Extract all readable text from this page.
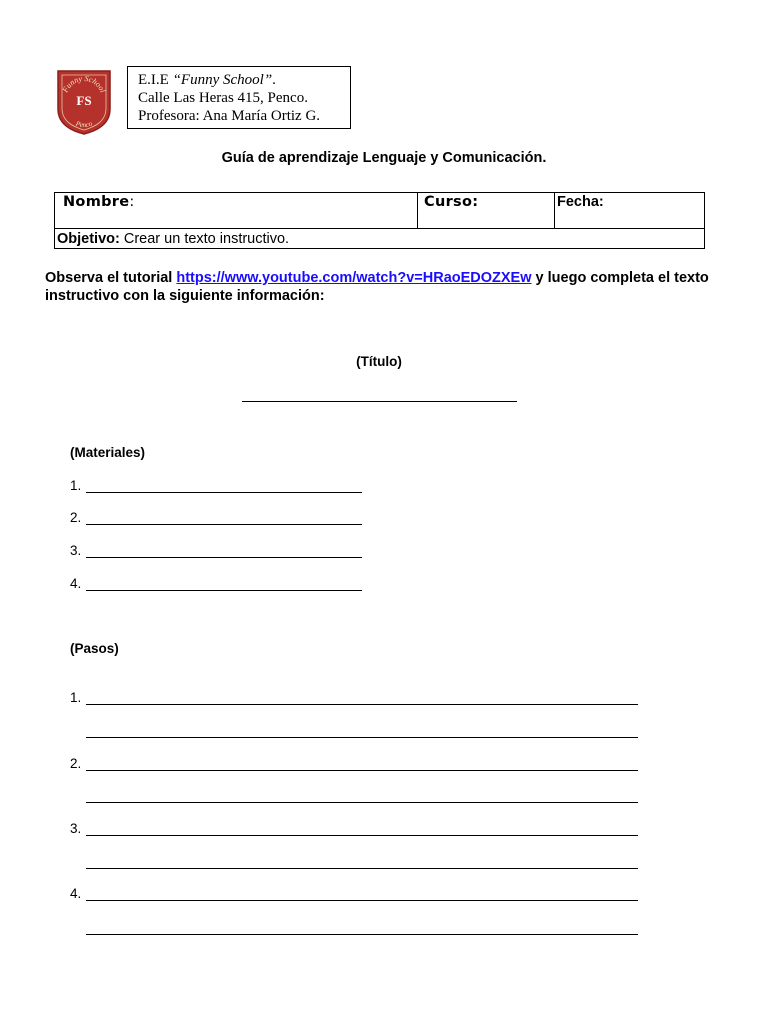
Funny School
FS
Penco
E.I.E “Funny School”.
Calle Las Heras 415, Penco.
Profesora: Ana María Ortiz G.
Guía de aprendizaje Lenguaje y Comunicación.
Nombre:	Curso:	Fecha:
Objetivo: Crear un texto instructivo.
Observa el tutorial https://www.youtube.com/watch?v=HRaoEDOZXEw y luego completa el texto instructivo con la siguiente información:
(Título)
(Materiales)
1.
2.
3.
4.
(Pasos)
1.
2.
3.
4.
